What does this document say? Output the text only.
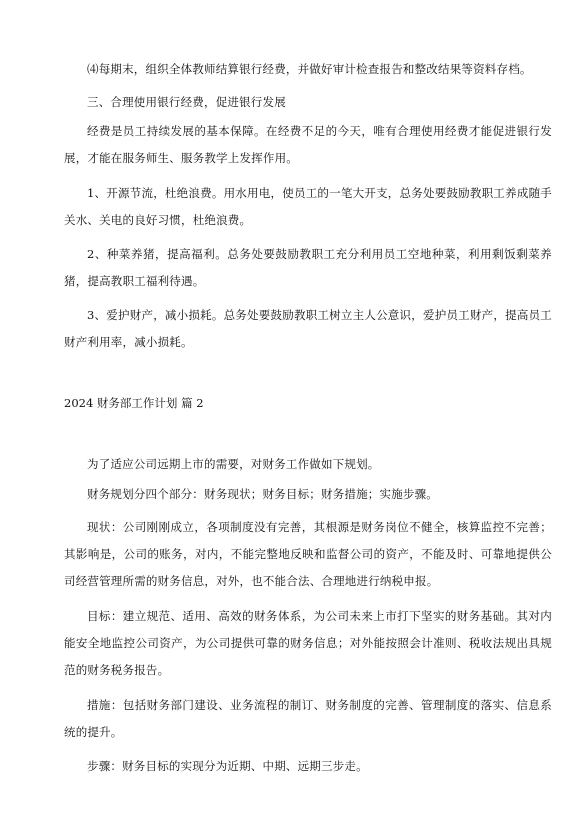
⑷每期末，组织全体教师结算银行经费，并做好审计检查报告和整改结果等资料存档。

三、合理使用银行经费，促进银行发展

经费是员工持续发展的基本保障。在经费不足的今天，唯有合理使用经费才能促进银行发展，才能在服务师生、服务教学上发挥作用。

1、开源节流，杜绝浪费。用水用电，使员工的一笔大开支，总务处要鼓励教职工养成随手关水、关电的良好习惯，杜绝浪费。

2、种菜养猪，提高福利。总务处要鼓励教职工充分利用员工空地种菜，利用剩饭剩菜养猪，提高教职工福利待遇。

3、爱护财产，减小损耗。总务处要鼓励教职工树立主人公意识，爱护员工财产，提高员工财产利用率，减小损耗。

2024 财务部工作计划 篇 2

为了适应公司远期上市的需要，对财务工作做如下规划。

财务规划分四个部分：财务现状；财务目标；财务措施；实施步骤。

现状：公司刚刚成立，各项制度没有完善，其根源是财务岗位不健全，核算监控不完善；其影响是，公司的账务，对内，不能完整地反映和监督公司的资产，不能及时、可靠地提供公司经营管理所需的财务信息，对外，也不能合法、合理地进行纳税申报。

目标：建立规范、适用、高效的财务体系，为公司未来上市打下坚实的财务基础。其对内能安全地监控公司资产，为公司提供可靠的财务信息；对外能按照会计准则、税收法规出具规范的财务税务报告。

措施：包括财务部门建设、业务流程的制订、财务制度的完善、管理制度的落实、信息系统的提升。

步骤：财务目标的实现分为近期、中期、远期三步走。
